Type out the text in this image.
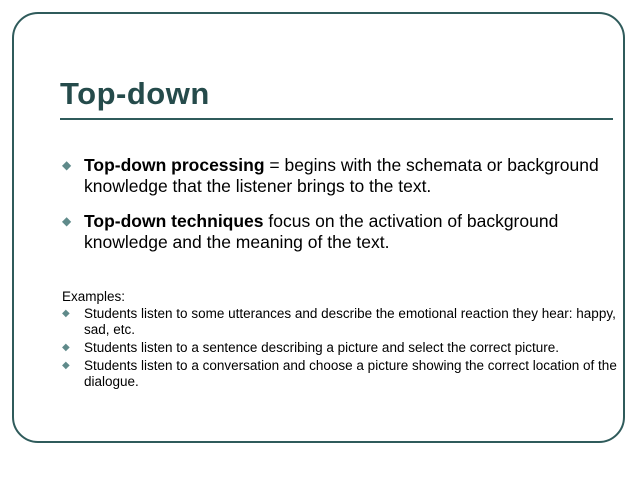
Top-down
◆ Top-down processing = begins with the schemata or background knowledge that the listener brings to the text.
◆ Top-down techniques focus on the activation of background knowledge and the meaning of the text.
Examples:
◆ Students listen to some utterances and describe the emotional reaction they hear: happy, sad, etc.
◆ Students listen to a sentence describing a picture and select the correct picture.
◆ Students listen to a conversation and choose a picture showing the correct location of the dialogue.
